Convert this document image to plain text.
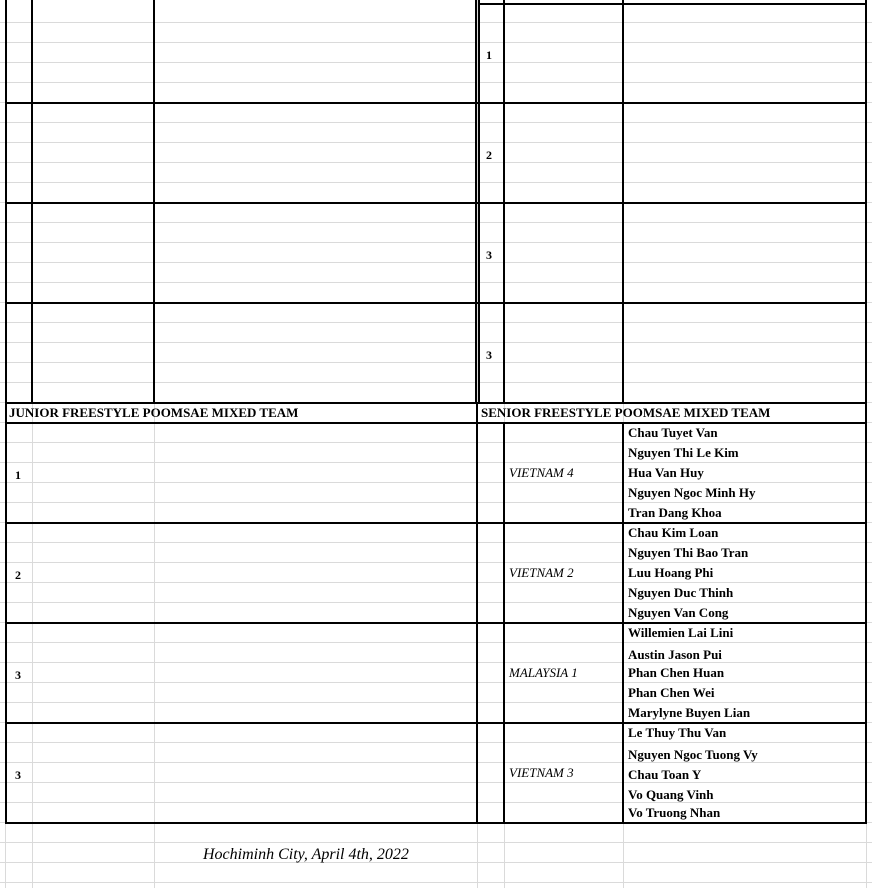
1
2
3
3
JUNIOR FREESTYLE POOMSAE MIXED TEAM	SENIOR FREESTYLE POOMSAE MIXED TEAM
1
2
3
3
VIETNAM 4
VIETNAM 2
MALAYSIA 1
VIETNAM 3
Chau Tuyet Van
Nguyen Thi Le Kim
Hua Van Huy
Nguyen Ngoc Minh Hy
Tran Dang Khoa
Chau Kim Loan
Nguyen Thi Bao Tran
Luu Hoang Phi
Nguyen Duc Thinh
Nguyen Van Cong
Willemien Lai Lini
Austin Jason Pui
Phan Chen Huan
Phan Chen Wei
Marylyne Buyen Lian
Le Thuy Thu Van
Nguyen Ngoc Tuong Vy
Chau Toan Y
Vo Quang Vinh
Vo Truong Nhan
Hochiminh City, April 4th, 2022
